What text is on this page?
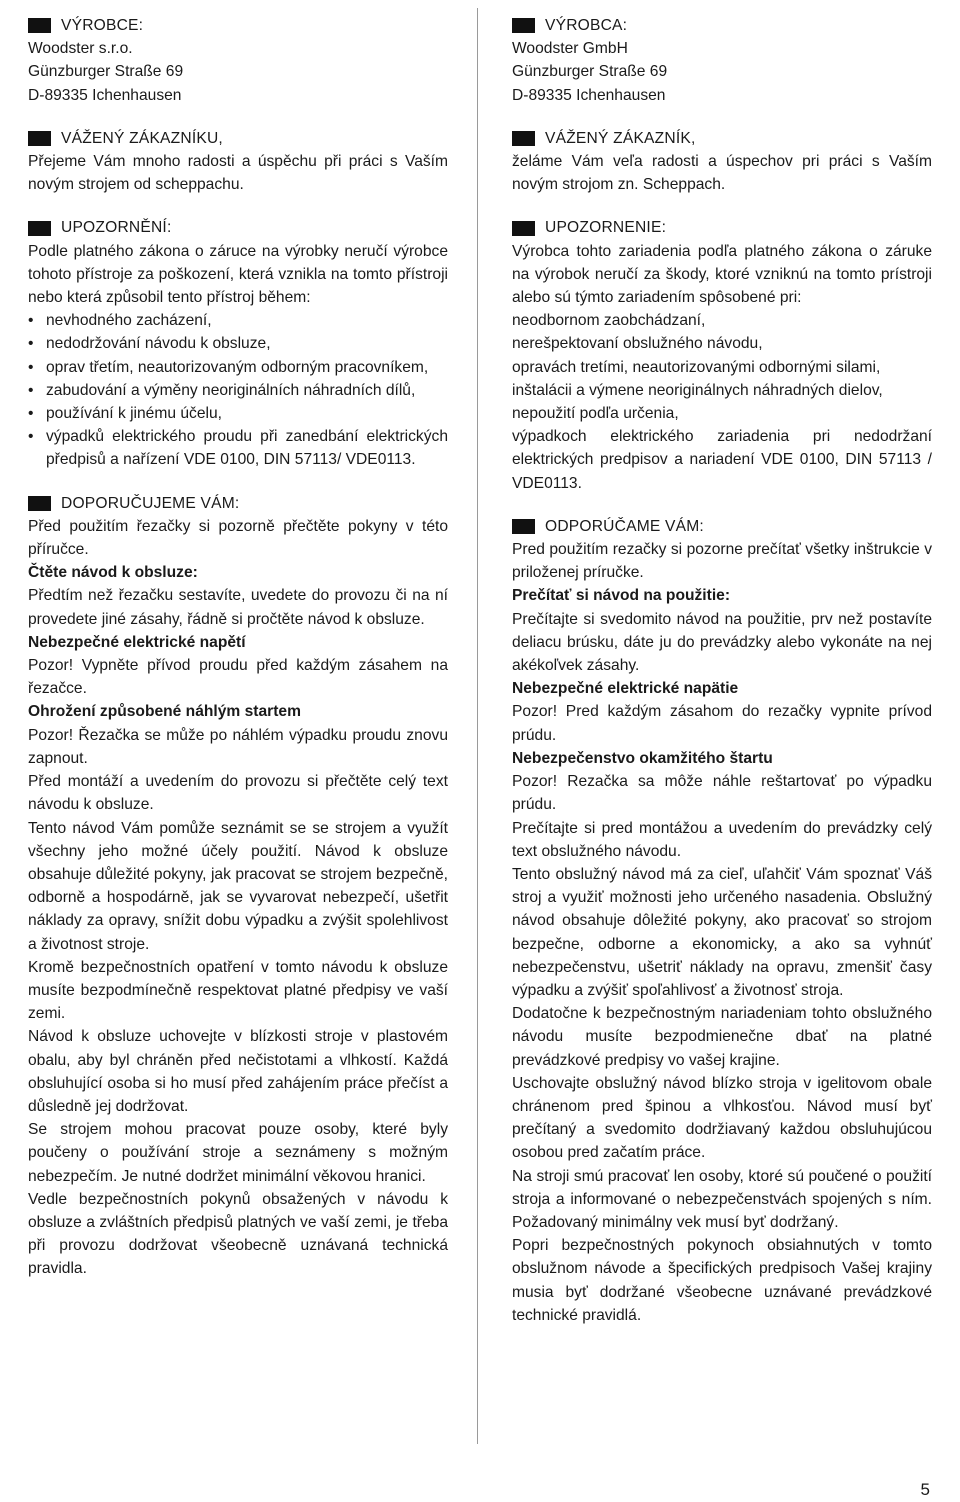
VÝROBCE:

Woodster s.r.o.

Günzburger Straße 69

D-89335 Ichenhausen

VÁŽENÝ ZÁKAZNÍKU,

Přejeme Vám mnoho radosti a úspěchu při práci s Vaším novým strojem od scheppachu.

UPOZORNĚNÍ:

Podle platného zákona o záruce na výrobky neručí výrobce tohoto přístroje za poškození, která vznikla na tomto přístroji nebo která způsobil tento přístroj během:

• nevhodného zacházení,
• nedodržování návodu k obsluze,
• oprav třetím, neautorizovaným odborným pracovníkem,
• zabudování a výměny neoriginálních náhradních dílů,
• používání k jinému účelu,
• výpadků elektrického proudu při zanedbání elektrických předpisů a nařízení VDE 0100, DIN 57113/ VDE0113.
DOPORUČUJEME VÁM:

Před použitím řezačky si pozorně přečtěte pokyny v této příručce.

Čtěte návod k obsluze:

Předtím než řezačku sestavíte, uvedete do provozu či na ní provedete jiné zásahy, řádně si pročtěte návod k obsluze.

Nebezpečné elektrické napětí

Pozor! Vypněte přívod proudu před každým zásahem na řezačce.

Ohrožení způsobené náhlým startem

Pozor! Řezačka se může po náhlém výpadku proudu znovu zapnout.

Před montáží a uvedením do provozu si přečtěte celý text návodu k obsluze.

Tento návod Vám pomůže seznámit se se strojem a využít všechny jeho možné účely použití. Návod k obsluze obsahuje důležité pokyny, jak pracovat se strojem bezpečně, odborně a hospodárně, jak se vyvarovat nebezpečí, ušetřit náklady za opravy, snížit dobu výpadku a zvýšit spolehlivost a životnost stroje.

Kromě bezpečnostních opatření v tomto návodu k obsluze musíte bezpodmínečně respektovat platné předpisy ve vaší zemi.

Návod k obsluze uchovejte v blízkosti stroje v plastovém obalu, aby byl chráněn před nečistotami a vlhkostí. Každá obsluhující osoba si ho musí před zahájením práce přečíst a důsledně jej dodržovat.

Se strojem mohou pracovat pouze osoby, které byly poučeny o používání stroje a seznámeny s možným nebezpečím. Je nutné dodržet minimální věkovou hranici.

Vedle bezpečnostních pokynů obsažených v návodu k obsluze a zvláštních předpisů platných ve vaší zemi, je třeba při provozu dodržovat všeobecně uznávaná technická pravidla.

VÝROBCA:

Woodster GmbH

Günzburger Straße 69

D-89335 Ichenhausen

VÁŽENÝ ZÁKAZNÍK,

želáme Vám veľa radosti a úspechov pri práci s Vaším novým strojom zn. Scheppach.

UPOZORNENIE:

Výrobca tohto zariadenia podľa platného zákona o záruke na výrobok neručí za škody, ktoré vzniknú na tomto prístroji alebo sú týmto zariadením spôsobené pri:

neodbornom zaobchádzaní,

nerešpektovaní obslužného návodu,

opravách tretími, neautorizovanými odbornými silami,

inštalácii a výmene neoriginálnych náhradných dielov,

nepoužití podľa určenia,

výpadkoch elektrického zariadenia pri nedodržaní elektrických predpisov a nariadení VDE 0100, DIN 57113 / VDE0113.

ODPORÚČAME VÁM:

Pred použitím rezačky si pozorne prečítať všetky inštrukcie v priloženej príručke.

Prečítať si návod na použitie:

Prečítajte si svedomito návod na použitie, prv než postavíte deliacu brúsku, dáte ju do prevádzky alebo vykonáte na nej akékoľvek zásahy.

Nebezpečné elektrické napätie

Pozor! Pred každým zásahom do rezačky vypnite prívod prúdu.

Nebezpečenstvo okamžitého štartu

Pozor! Rezačka sa môže náhle reštartovať po výpadku prúdu.

Prečítajte si pred montážou a uvedením do prevádzky celý text obslužného návodu.

Tento obslužný návod má za cieľ, uľahčiť Vám spoznať Váš stroj a využiť možnosti jeho určeného nasadenia. Obslužný návod obsahuje dôležité pokyny, ako pracovať so strojom bezpečne, odborne a ekonomicky, a ako sa vyhnúť nebezpečenstvu, ušetriť náklady na opravu, zmenšiť časy výpadku a zvýšiť spoľahlivosť a životnosť stroja.

Dodatočne k bezpečnostným nariadeniam tohto obslužného návodu musíte bezpodmienečne dbať na platné prevádzkové predpisy vo vašej krajine.

Uschovajte obslužný návod blízko stroja v igelitovom obale chránenom pred špinou a vlhkosťou. Návod musí byť prečítaný a svedomito dodržiavaný každou obsluhujúcou osobou pred začatím práce.

Na stroji smú pracovať len osoby, ktoré sú poučené o použití stroja a informované o nebezpečenstvách spojených s ním. Požadovaný minimálny vek musí byť dodržaný.

Popri bezpečnostných pokynoch obsiahnutých v tomto obslužnom návode a špecifických predpisoch Vašej krajiny musia byť dodržané všeobecne uznávané prevádzkové technické pravidlá.

5
